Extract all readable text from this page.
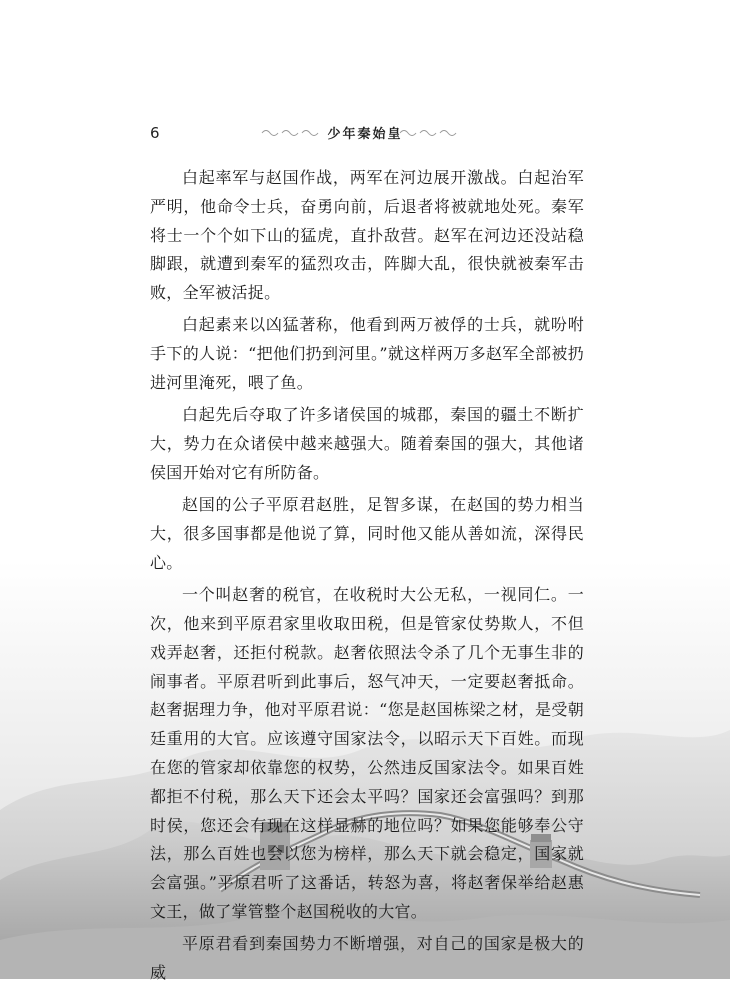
6	少年秦始皇

白起率军与赵国作战，两军在河边展开激战。白起治军严明，他命令士兵，奋勇向前，后退者将被就地处死。秦军将士一个个如下山的猛虎，直扑敌营。赵军在河边还没站稳脚跟，就遭到秦军的猛烈攻击，阵脚大乱，很快就被秦军击败，全军被活捉。

白起素来以凶猛著称，他看到两万被俘的士兵，就吩咐手下的人说：“把他们扔到河里。”就这样两万多赵军全部被扔进河里淹死，喂了鱼。

白起先后夺取了许多诸侯国的城郡，秦国的疆土不断扩大，势力在众诸侯中越来越强大。随着秦国的强大，其他诸侯国开始对它有所防备。

赵国的公子平原君赵胜，足智多谋，在赵国的势力相当大，很多国事都是他说了算，同时他又能从善如流，深得民心。

一个叫赵奢的税官，在收税时大公无私，一视同仁。一次，他来到平原君家里收取田税，但是管家仗势欺人，不但戏弄赵奢，还拒付税款。赵奢依照法令杀了几个无事生非的闹事者。平原君听到此事后，怒气冲天，一定要赵奢抵命。赵奢据理力争，他对平原君说：“您是赵国栋梁之材，是受朝廷重用的大官。应该遵守国家法令，以昭示天下百姓。而现在您的管家却依靠您的权势，公然违反国家法令。如果百姓都拒不付税，那么天下还会太平吗？国家还会富强吗？到那时侯，您还会有现在这样显赫的地位吗？如果您能够奉公守法，那么百姓也会以您为榜样，那么天下就会稳定，国家就会富强。”平原君听了这番话，转怒为喜，将赵奢保举给赵惠文王，做了掌管整个赵国税收的大官。

平原君看到秦国势力不断增强，对自己的国家是极大的威
